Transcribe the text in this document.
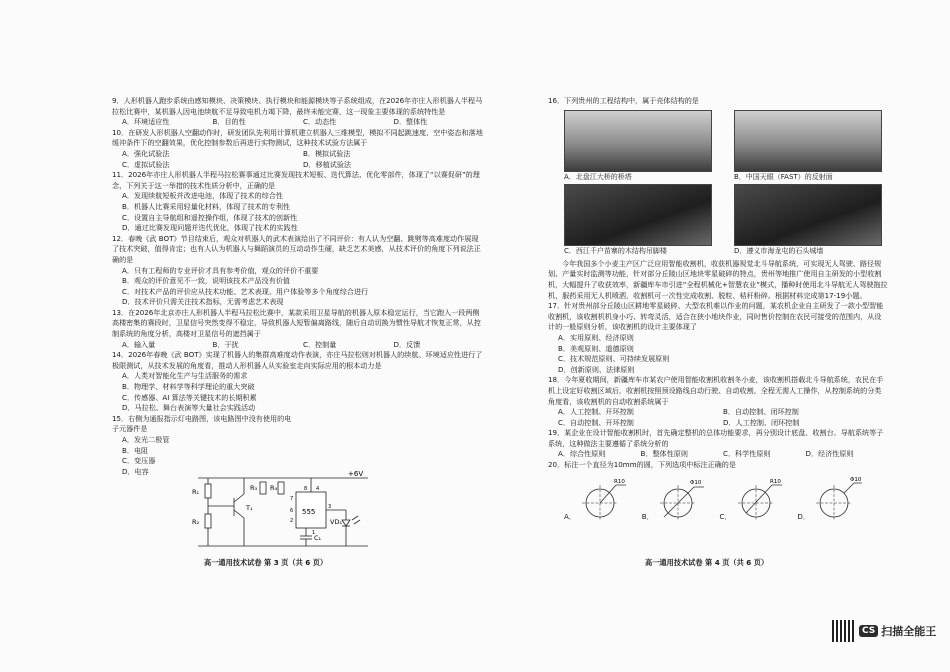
9．人形机器人跑步系统由感知模块、决策模块、执行模块和能源模块等子系统组成，在2026年亦庄人形机器人半程马拉松比赛中，某机器人因电池续航不足导致电机力竭下降，最终未能完赛，这一现象主要体现的系统特性是
A．环境适应性	B．目的性	C．动态性	D．整体性
10．在研发人形机器人空翻动作时，研发团队先利用计算机建立机器人三维模型，模拟不同起跳速度、空中姿态和落地缓冲条件下的空翻效果，优化控制参数后再进行实物测试，这种技术试验方法属于
A．强化试验法	B．模拟试验法
C．虚拟试验法	D．移植试验法
11．2026年亦庄人形机器人半程马拉松赛事通过比赛发现技术短板、迭代算法、优化零部件，体现了“以赛促研”的理念，下列关于这一举措的技术性质分析中，正确的是
A．发现续航短板并改进电池，体现了技术的综合性
B．机器人比赛采用轻量化材料，体现了技术的专利性
C．设置自主导航组和遥控操作组，体现了技术的创新性
D．通过比赛发现问题并迭代优化，体现了技术的实践性
12．春晚《武 BOT》节目结束后，观众对机器人的武术表演给出了不同评价：有人认为空翻、跳劈等高难度动作展现了技术突破，值得肯定；也有人认为机器人与舞蹈演员的互动动作生硬，缺乏艺术美感，从技术评价的角度下列说法正确的是
A．只有工程师的专业评价才具有参考价值，观众的评价不重要
B．观众的评价意见不一致，说明该技术产品没有价值
C．对技术产品的评价应从技术功能、艺术表现、用户体验等多个角度综合进行
D．技术评价只需关注技术指标，无需考虑艺术表现
13．在2026年北京亦庄人形机器人半程马拉松比赛中，某款采用卫星导航的机器人原本稳定运行，当它跑入一段两侧高楼密集的赛段时，卫星信号突然变得不稳定，导致机器人短暂偏离路线，随后自动切换为惯性导航才恢复正常，从控制系统的角度分析，高楼对卫星信号的遮挡属于
A．输入量	B．干扰	C．控制量	D．反馈
14．2026年春晚《武 BOT》实现了机器人的集群高难度动作表演，亦庄马拉松则对机器人的续航、环境适应性进行了极限测试，从技术发展的角度看，推动人形机器人从实验室走向实际应用的根本动力是
A．人类对智能化生产与生活服务的需求
B．物理学、材料学等科学理论的重大突破
C．传感器、AI 算法等关键技术的长期积累
D．马拉松、舞台表演等大量社会实践活动
15．右侧为通报指示灯电路图，该电路图中没有使用的电子元器件是
A．发光二极管
B．电阻
C．变压器
D．电容	+6V
R₁
R₂
R₃ R₄
T₁	555
VD₁
C₁
8 4
7
6
2
3
1
16．下列贵州的工程结构中，属于壳体结构的是
A．北盘江大桥的桥塔	B．中国天眼（FAST）的反射面
C．西江千户苗寨的木结构吊脚楼	D．遵义市海龙屯的石头城墙
今年我国多个小麦主产区广泛应用智能收割机，收获机器视觉北斗导航系统，可实现无人驾驶、路径规划、产量实时监测等功能，针对部分丘陵山区地块零星破碎的特点，贵州等地推广使用自主研发的小型收割机，大幅提升了收获效率，新疆库车市引进“全程机械化+智慧农业”模式，播种时使用北斗导航无人驾驶拖拉机，服药采用无人机喷洒，收割机可一次性完成收割、脱粒、秸秆粉碎。根据材料完成第17-19小题。
17．针对贵州部分丘陵山区耕地零星破碎、大型农机难以作业的问题，某农机企业自主研发了一款小型智能收割机，该收割机机身小巧、转弯灵活，适合在狭小地块作业，同时售价控制在农民可接受的范围内，从设计的一般原则分析，该收割机的设计主要体现了
A．实用原则、经济原则
B．美观原则、道德原则
C．技术规范原则、可持续发展原则
D．创新原则、法律原则
18．今年夏收期间，新疆库车市某农户使用智能收割机收割冬小麦，该收割机搭载北斗导航系统，农民在手机上设定好收割区域后，收割机按照预设路线自动行驶、自动收割，全程无需人工操作，从控制系统的分类角度看，该收割机的自动收割系统属于
A．人工控制、开环控制	B．自动控制、闭环控制
C．自动控制、开环控制	D．人工控制、闭环控制
19．某企业在设计智能收割机时，首先确定整机的总体功能要求，再分别设计底盘、收割台、导航系统等子系统，这种做法主要遵循了系统分析的
A．综合性原则	B．整体性原则	C．科学性原则	D．经济性原则
20．标注一个直径为10mm的圆，下列选项中标注正确的是
A．
R10
B．
Φ10
C．
R10
D．
Φ10
高一通用技术试卷 第 3 页（共 6 页）	高一通用技术试卷 第 4 页（共 6 页）
CS 扫描全能王
